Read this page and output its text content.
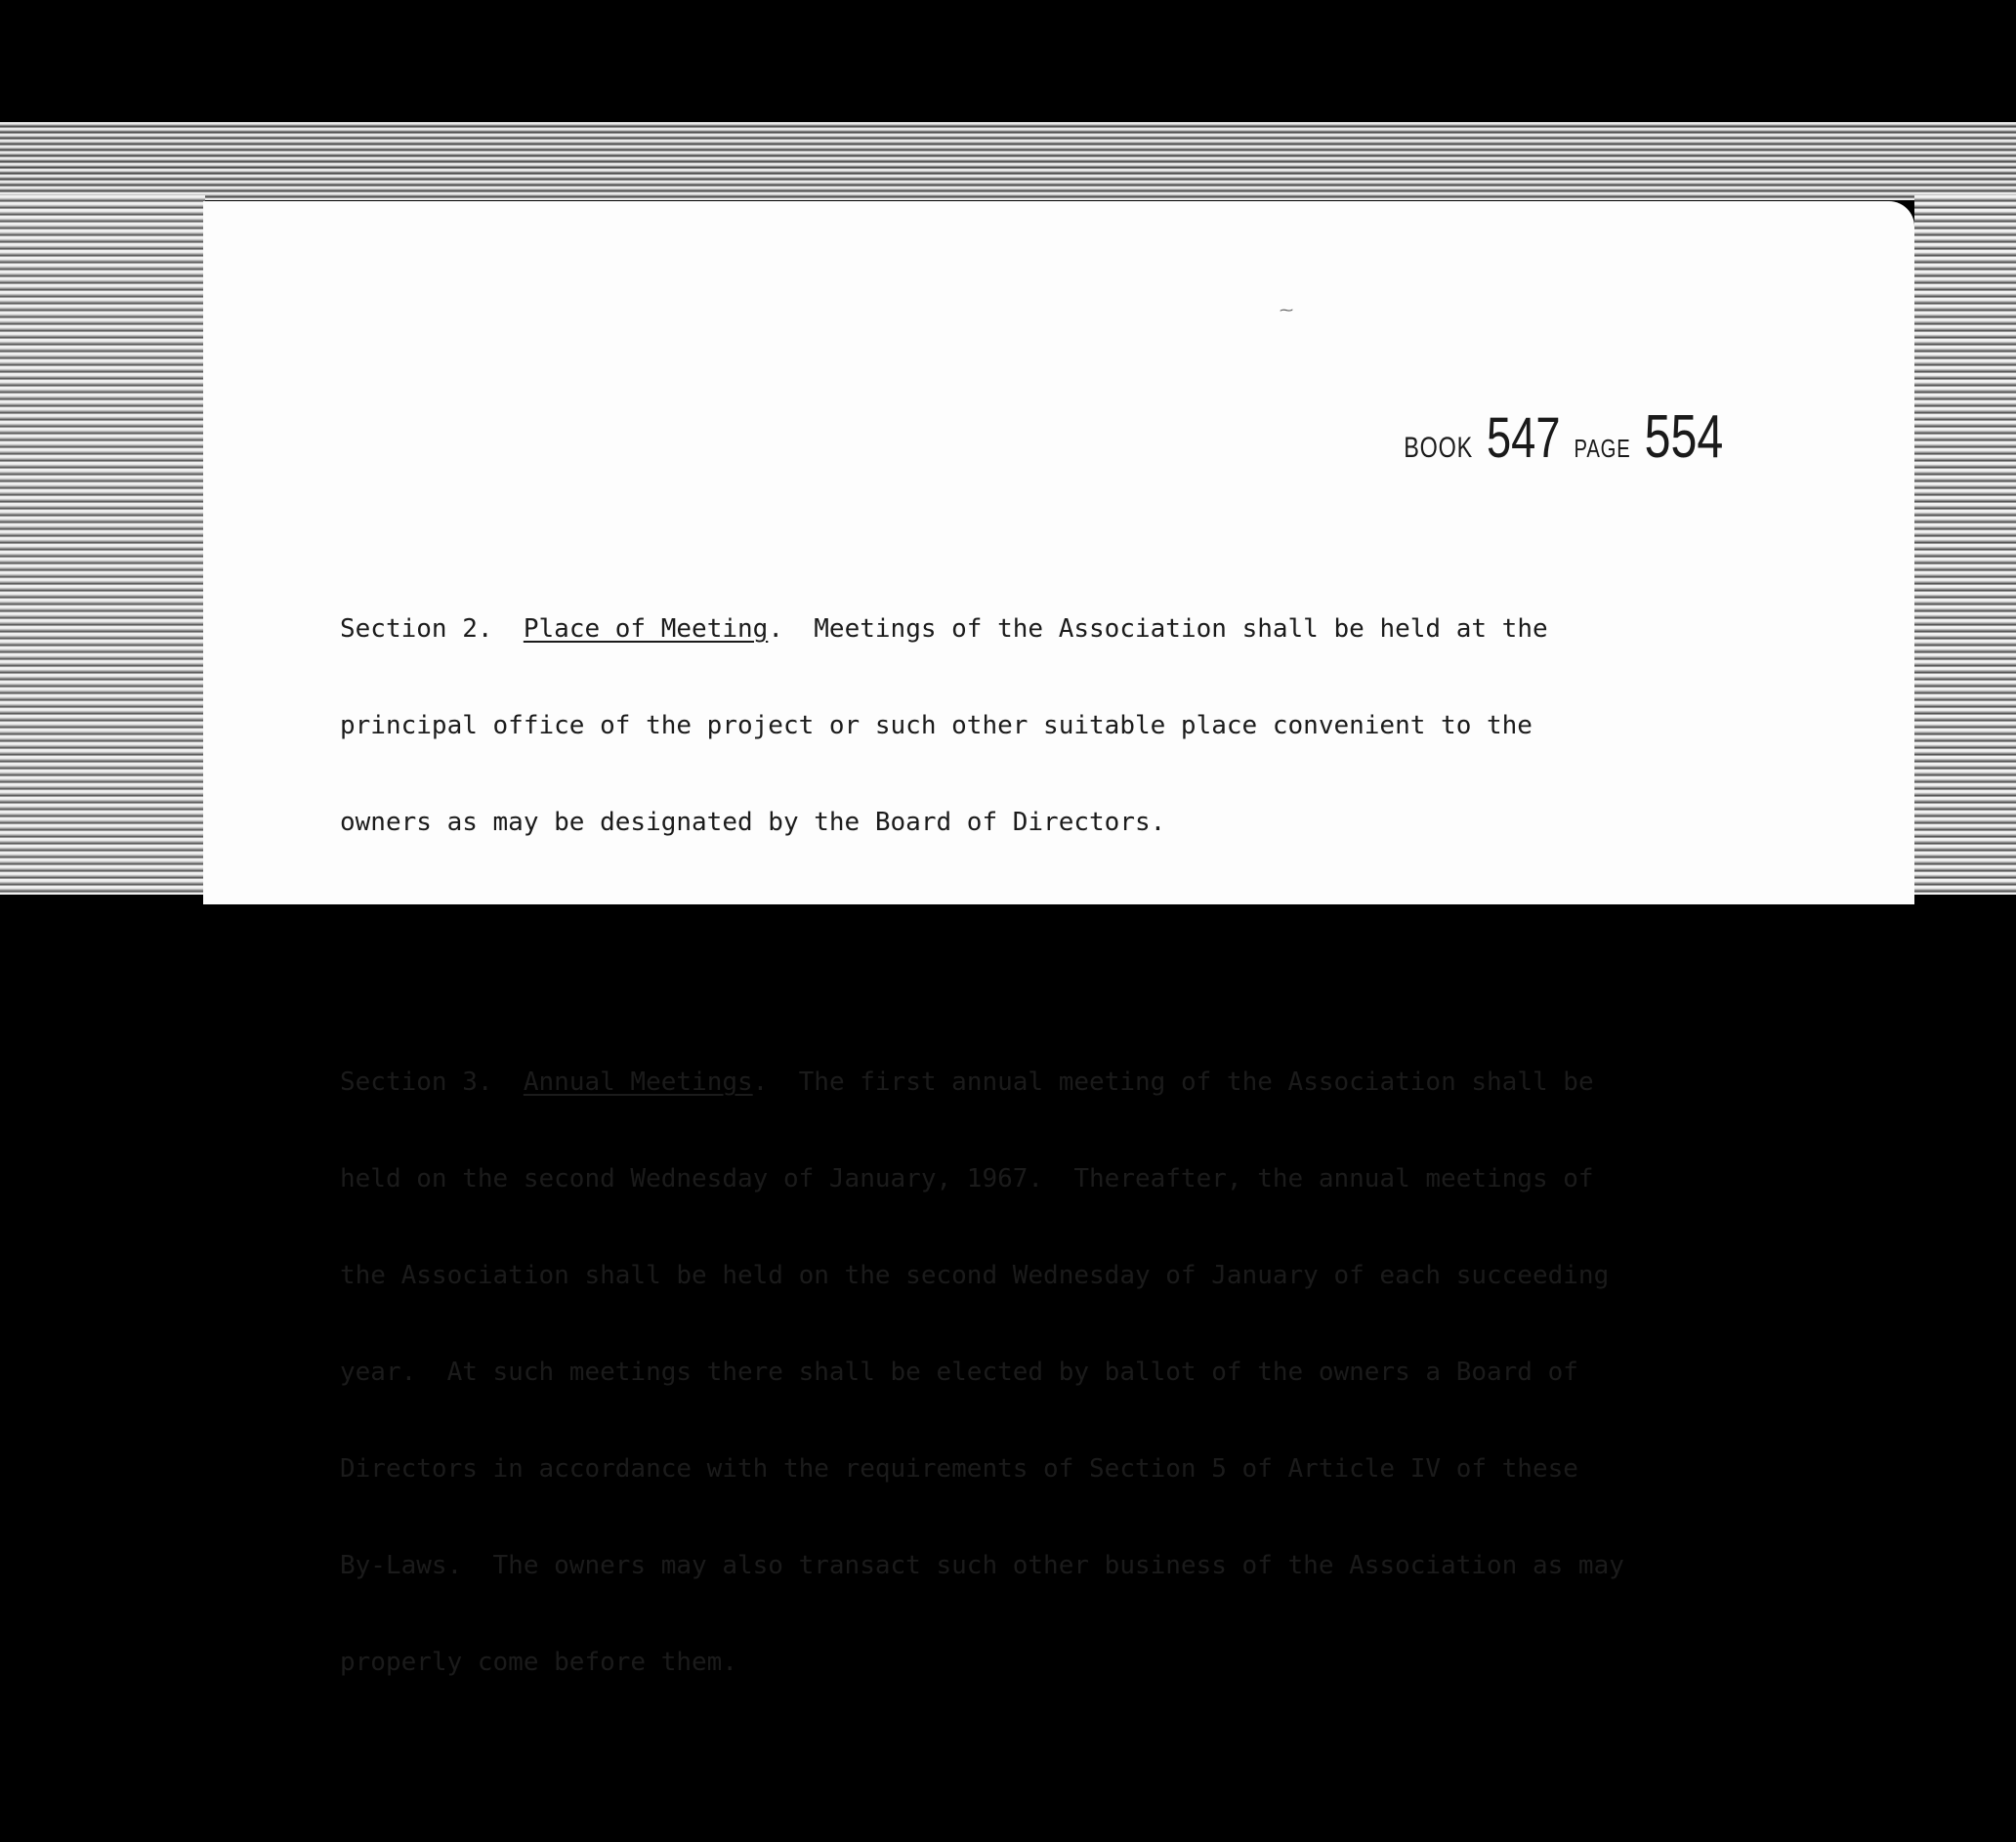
⁓
BOOK 547 PAGE 554

Section 2. Place of Meeting.  Meetings of the Association shall be held at the

principal office of the project or such other suitable place convenient to the

owners as may be designated by the Board of Directors.

Section 3. Annual Meetings.  The first annual meeting of the Association shall be

held on the second Wednesday of January, 1967.  Thereafter, the annual meetings of

the Association shall be held on the second Wednesday of January of each succeeding

year.  At such meetings there shall be elected by ballot of the owners a Board of

Directors in accordance with the requirements of Section 5 of Article IV of these

By-Laws.  The owners may also transact such other business of the Association as may

properly come before them.
